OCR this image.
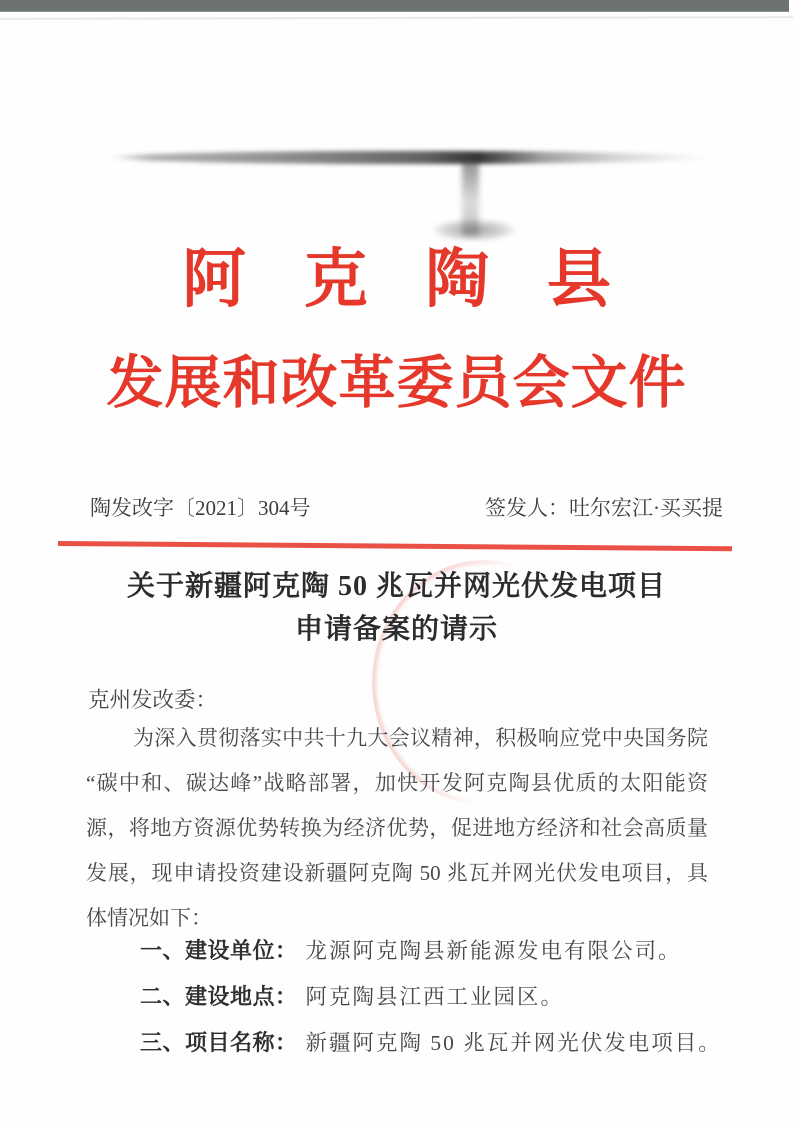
阿克陶县
发展和改革委员会文件
陶发改字〔2021〕304号	签发人：吐尔宏江·买买提
关于新疆阿克陶 50 兆瓦并网光伏发电项目
申请备案的请示
克州发改委：
为深入贯彻落实中共十九大会议精神，积极响应党中央国务院
“碳中和、碳达峰”战略部署，加快开发阿克陶县优质的太阳能资
源，将地方资源优势转换为经济优势，促进地方经济和社会高质量
发展，现申请投资建设新疆阿克陶 50 兆瓦并网光伏发电项目，具
体情况如下：
一、建设单位： 龙源阿克陶县新能源发电有限公司。
二、建设地点： 阿克陶县江西工业园区。
三、项目名称： 新疆阿克陶 50 兆瓦并网光伏发电项目。
